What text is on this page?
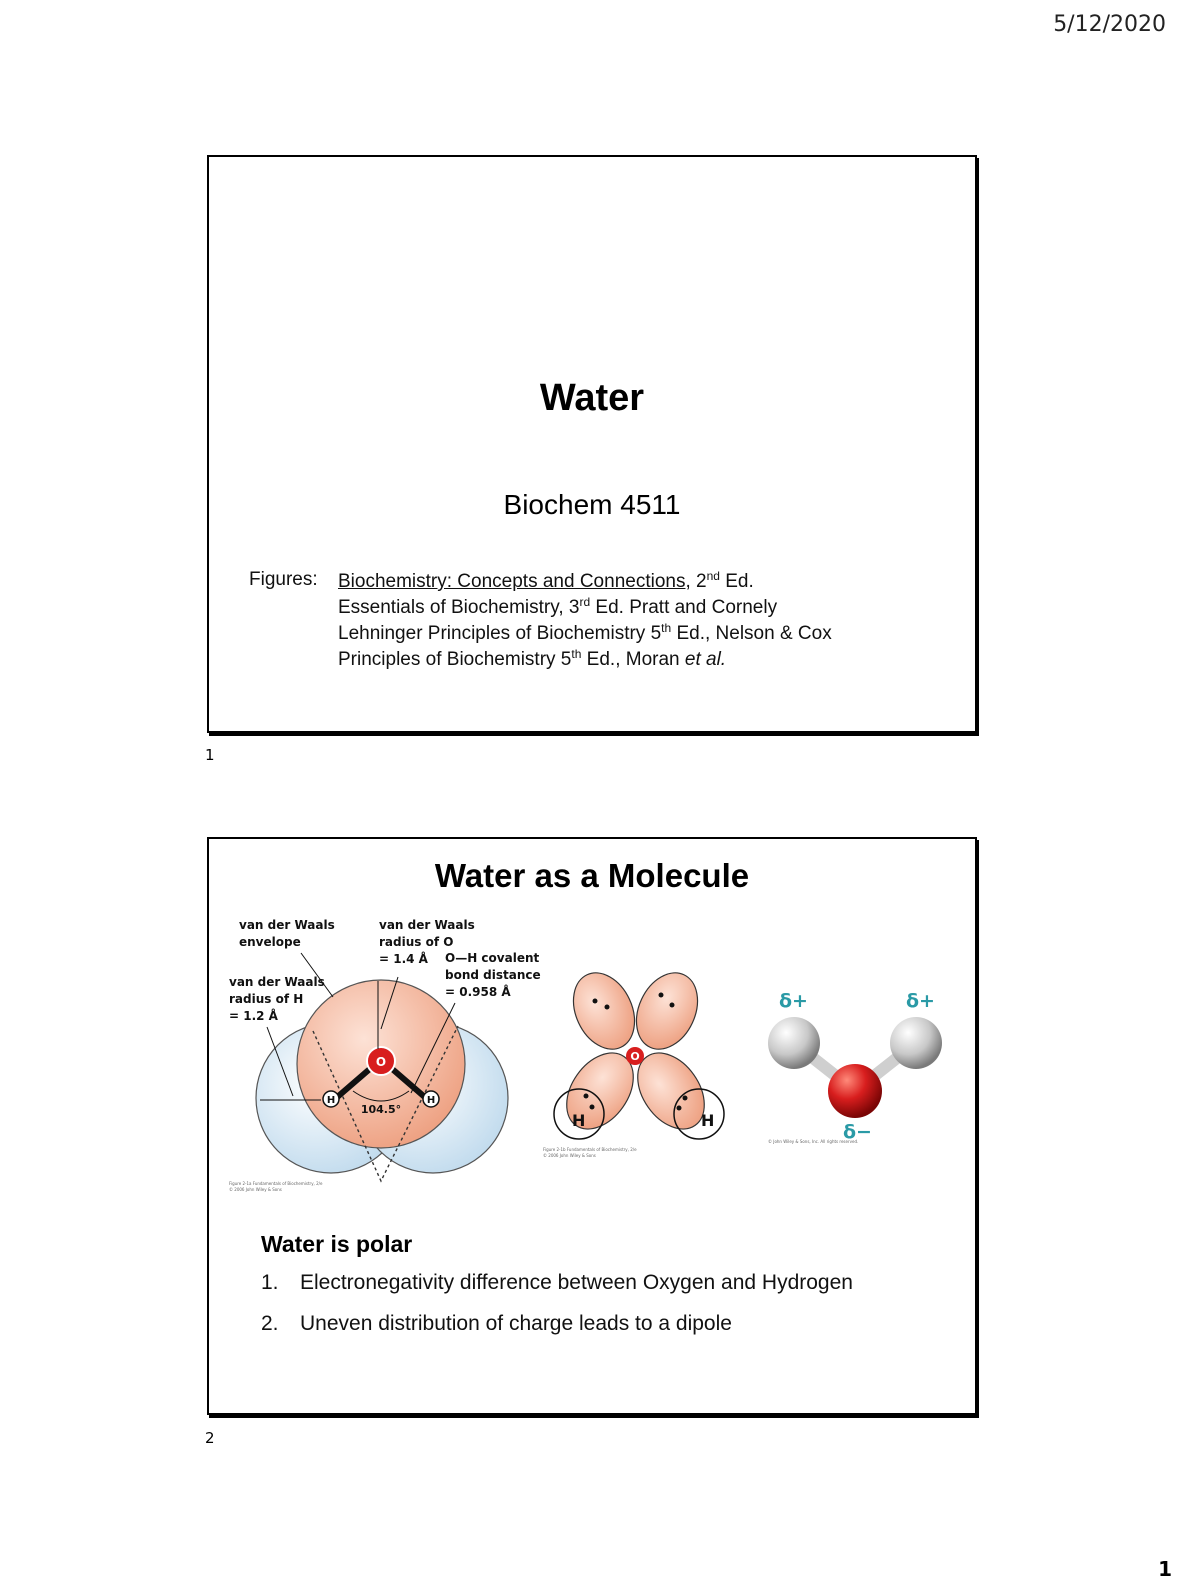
5/12/2020
Water
Biochem 4511
Figures: Biochemistry: Concepts and Connections, 2nd Ed.
Essentials of Biochemistry, 3rd Ed. Pratt and Cornely
Lehninger Principles of Biochemistry 5th Ed., Nelson & Cox
Principles of Biochemistry 5th Ed., Moran et al.
1
Water as a Molecule
O
H	H
104.5°
van der Waals
envelope
van der Waals
radius of O
= 1.4 Å O—H covalent
bond distance
= 0.958 Å
van der Waals
radius of H
= 1.2 Å
Figure 2-1a Fundamentals of Biochemistry, 2/e
© 2006 John Wiley & Sons
O
H	H
Figure 2-1b Fundamentals of Biochemistry, 2/e
© 2006 John Wiley & Sons
δ+	δ+
δ−
© John Wiley & Sons, Inc. All rights reserved.
Water is polar
1.	Electronegativity difference between Oxygen and Hydrogen
2.	Uneven distribution of charge leads to a dipole
2
1
